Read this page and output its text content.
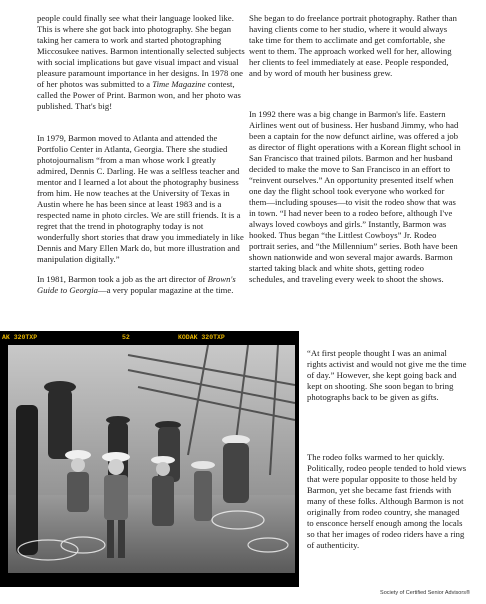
people could finally see what their language looked like. This is where she got back into photography. She began taking her camera to work and started photographing Miccosukee natives. Barmon intentionally selected subjects with social implications but gave visual impact and visual pleasure paramount importance in her designs. In 1978 one of her photos was submitted to a Time Magazine contest, called the Power of Print. Barmon won, and her photo was published. That's big!

In 1979, Barmon moved to Atlanta and attended the Portfolio Center in Atlanta, Georgia. There she studied photojournalism “from a man whose work I greatly admired, Dennis C. Darling. He was a selfless teacher and mentor and I learned a lot about the photography business from him. He now teaches at the University of Texas in Austin where he has been since at least 1983 and is a respected name in photo circles. We are still friends. It is a regret that the trend in photography today is not wonderfully short stories that draw you immediately in like Dennis and Mary Ellen Mark do, but more illustration and manipulation digitally.”

In 1981, Barmon took a job as the art director of Brown's Guide to Georgia—a very popular magazine at the time.

She began to do freelance portrait photography. Rather than having clients come to her studio, where it would always take time for them to acclimate and get comfortable, she went to them. The approach worked well for her, allowing her clients to feel immediately at ease. People responded, and by word of mouth her business grew.

In 1992 there was a big change in Barmon's life. Eastern Airlines went out of business. Her husband Jimmy, who had been a captain for the now defunct airline, was offered a job as director of flight operations with a Korean flight school in San Francisco that trained pilots. Barmon and her husband decided to make the move to San Francisco in an effort to “reinvent ourselves.” An opportunity presented itself when one day the flight school took everyone who worked for them—including spouses—to visit the rodeo show that was in town. “I had never been to a rodeo before, although I've always loved cowboys and girls.” Instantly, Barmon was hooked. Thus began “the Littlest Cowboys” Jr. Rodeo portrait series, and “the Millennium” series. Both have been shown nationwide and won several major awards. Barmon started taking black and white shots, getting rodeo schedules, and traveling every week to shoot the shows.

“At first people thought I was an animal rights activist and would not give me the time of day.” However, she kept going back and kept on shooting. She soon began to bring photographs back to be given as gifts.

The rodeo folks warmed to her quickly. Politically, rodeo people tended to hold views that were popular opposite to those held by Barmon, yet she became fast friends with many of these folks. Although Barmon is not originally from rodeo country, she managed to ensconce herself enough among the locals so that her images of rodeo riders have a ring of authenticity.

AK 320TXP	52	KODAK 320TXP
Society of Certified Senior Advisors®
